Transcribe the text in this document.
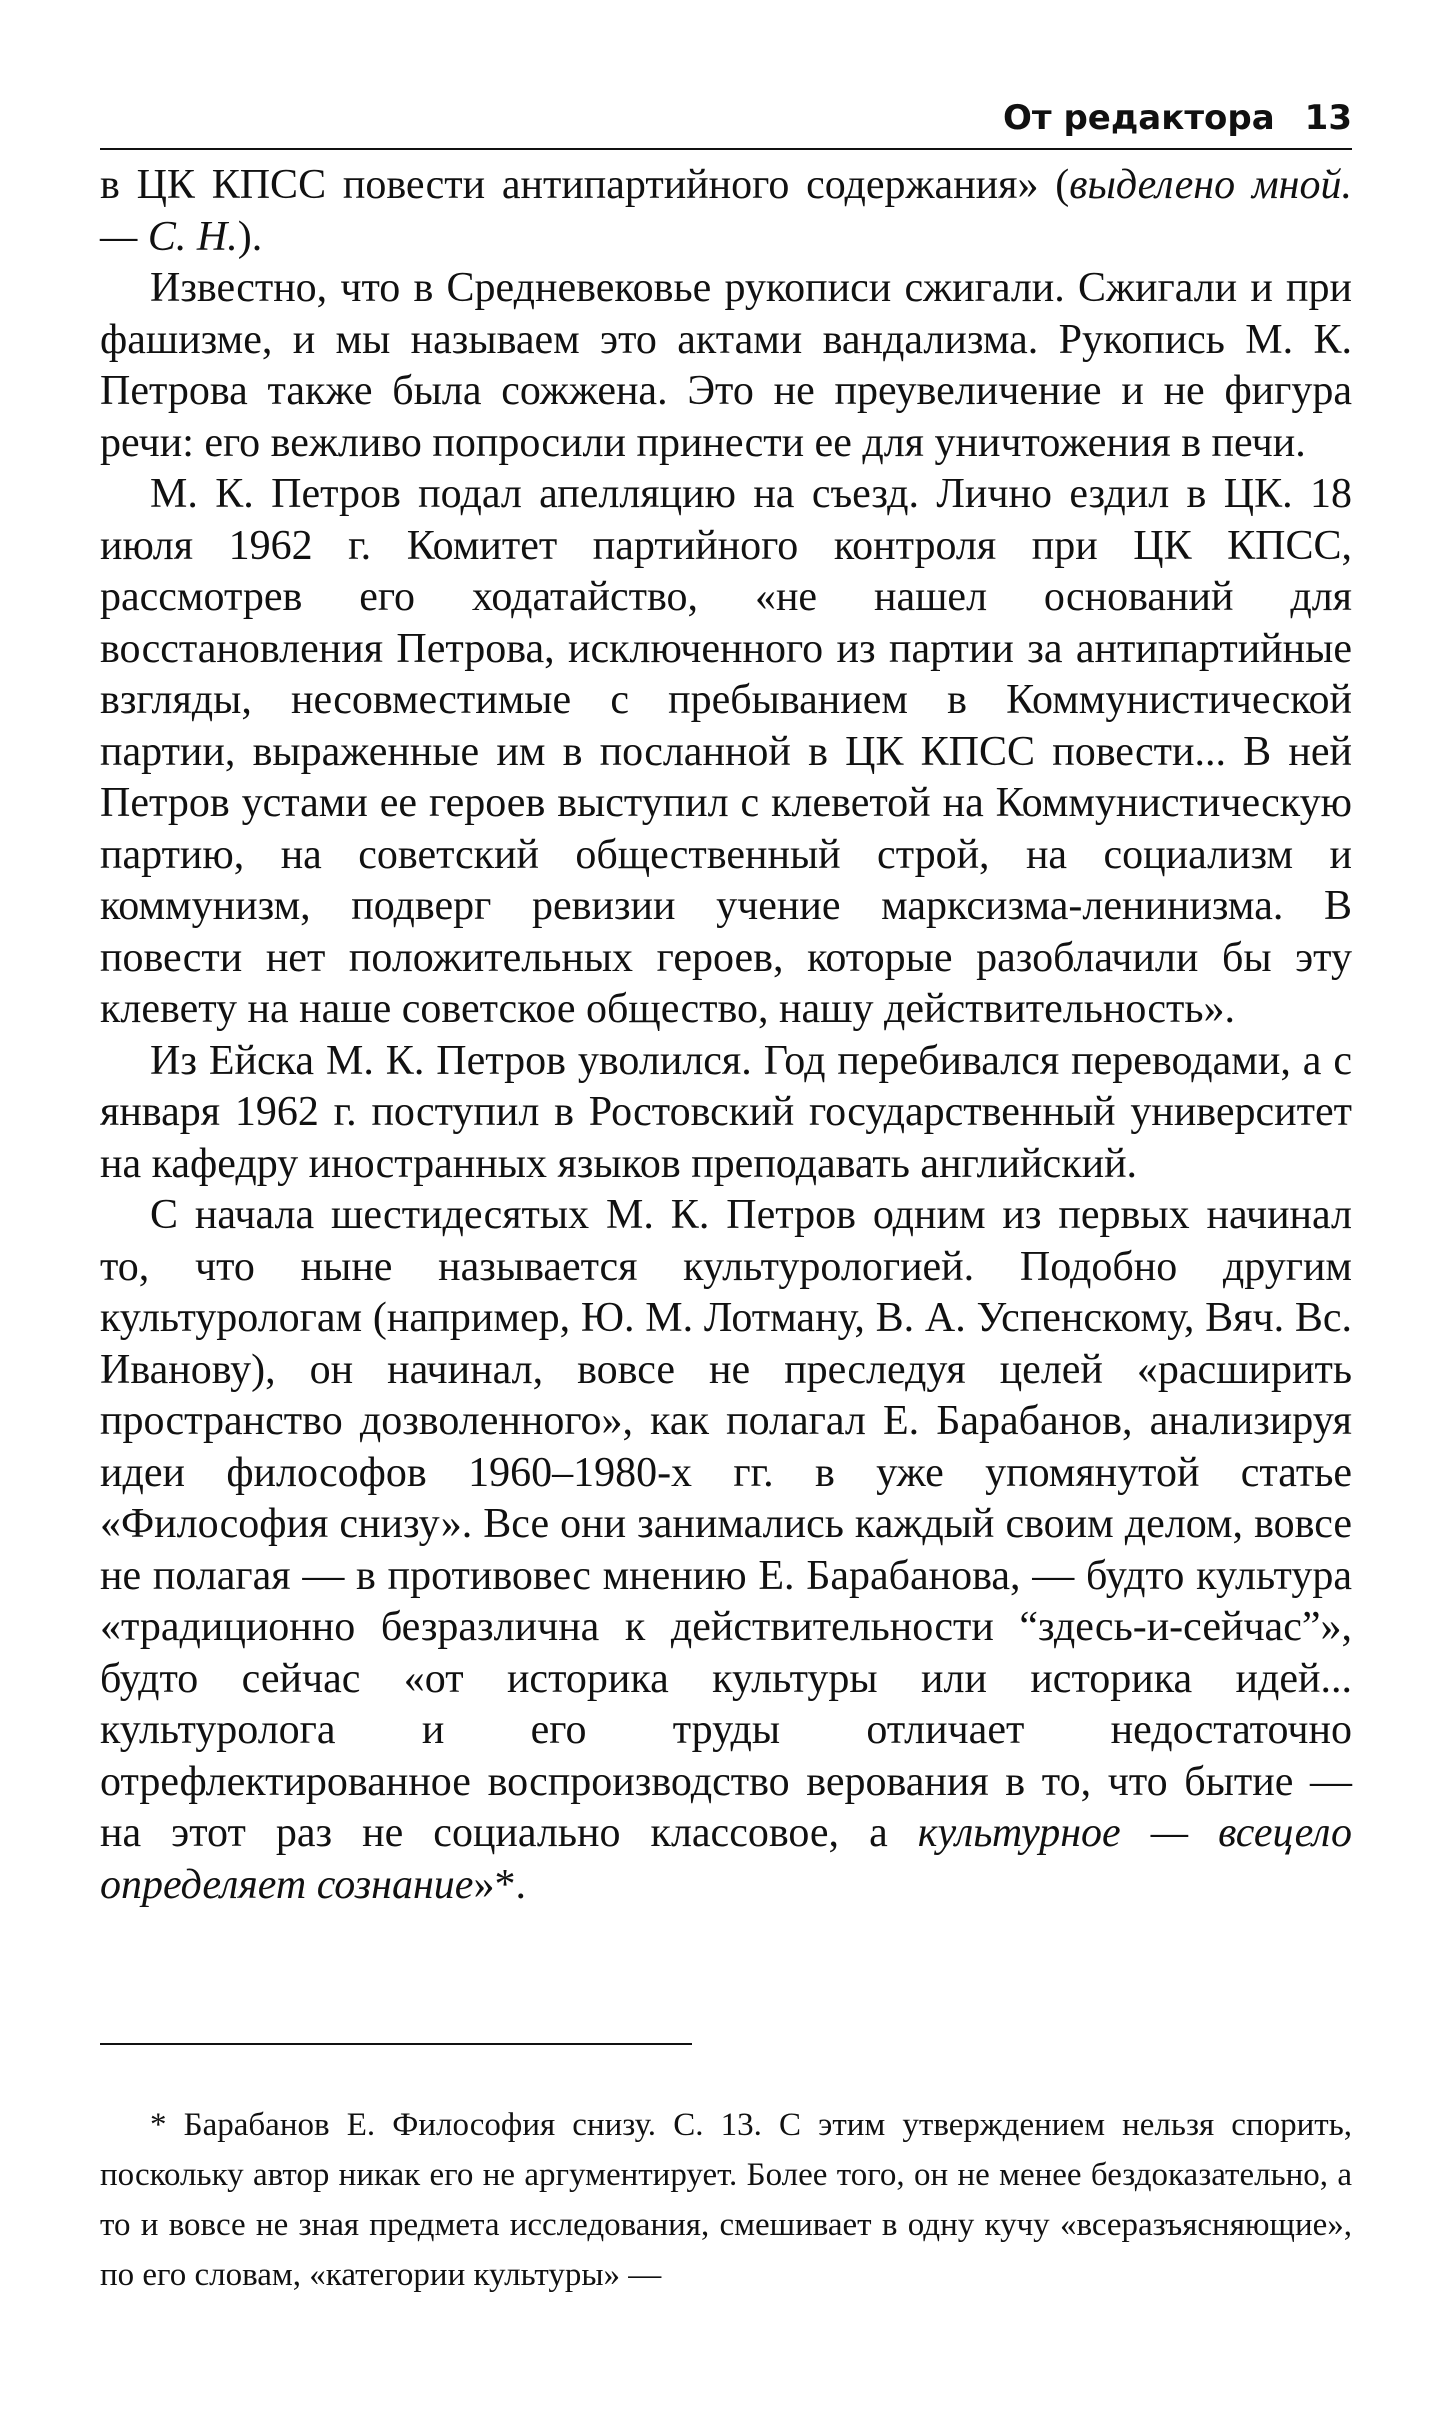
От редактора 13

в ЦК КПСС повести антипартийного содержания» (выделено мной. — С. Н.).

Известно, что в Средневековье рукописи сжигали. Сжигали и при фашизме, и мы называем это актами вандализма. Рукопись М. К. Петрова также была сожжена. Это не преувеличение и не фигура речи: его вежливо попросили принести ее для уничтожения в печи.

М. К. Петров подал апелляцию на съезд. Лично ездил в ЦК. 18 июля 1962 г. Комитет партийного контроля при ЦК КПСС, рассмотрев его ходатайство, «не нашел оснований для восстановления Петрова, исключенного из партии за антипартийные взгляды, несовместимые с пребыванием в Коммунистической партии, выраженные им в посланной в ЦК КПСС повести... В ней Петров устами ее героев выступил с клеветой на Коммунистическую партию, на советский общественный строй, на социализм и коммунизм, подверг ревизии учение марксизма-ленинизма. В повести нет положительных героев, которые разоблачили бы эту клевету на наше советское общество, нашу действительность».

Из Ейска М. К. Петров уволился. Год перебивался переводами, а с января 1962 г. поступил в Ростовский государственный университет на кафедру иностранных языков преподавать английский.

С начала шестидесятых М. К. Петров одним из первых начинал то, что ныне называется культурологией. Подобно другим культурологам (например, Ю. М. Лотману, В. А. Успенскому, Вяч. Вс. Иванову), он начинал, вовсе не преследуя целей «расширить пространство дозволенного», как полагал Е. Барабанов, анализируя идеи философов 1960–1980-х гг. в уже упомянутой статье «Философия снизу». Все они занимались каждый своим делом, вовсе не полагая — в противовес мнению Е. Барабанова, — будто культура «традиционно безразлична к действительности “здесь-и-сейчас”», будто сейчас «от историка культуры или историка идей... культуролога и его труды отличает недостаточно отрефлектированное воспроизводство верования в то, что бытие — на этот раз не социально классовое, а культурное — всецело определяет сознание»*.

* Барабанов Е. Философия снизу. С. 13. С этим утверждением нельзя спорить, поскольку автор никак его не аргументирует. Более того, он не менее бездоказательно, а то и вовсе не зная предмета исследования, смешивает в одну кучу «всеразъясняющие», по его словам, «категории культуры» —
